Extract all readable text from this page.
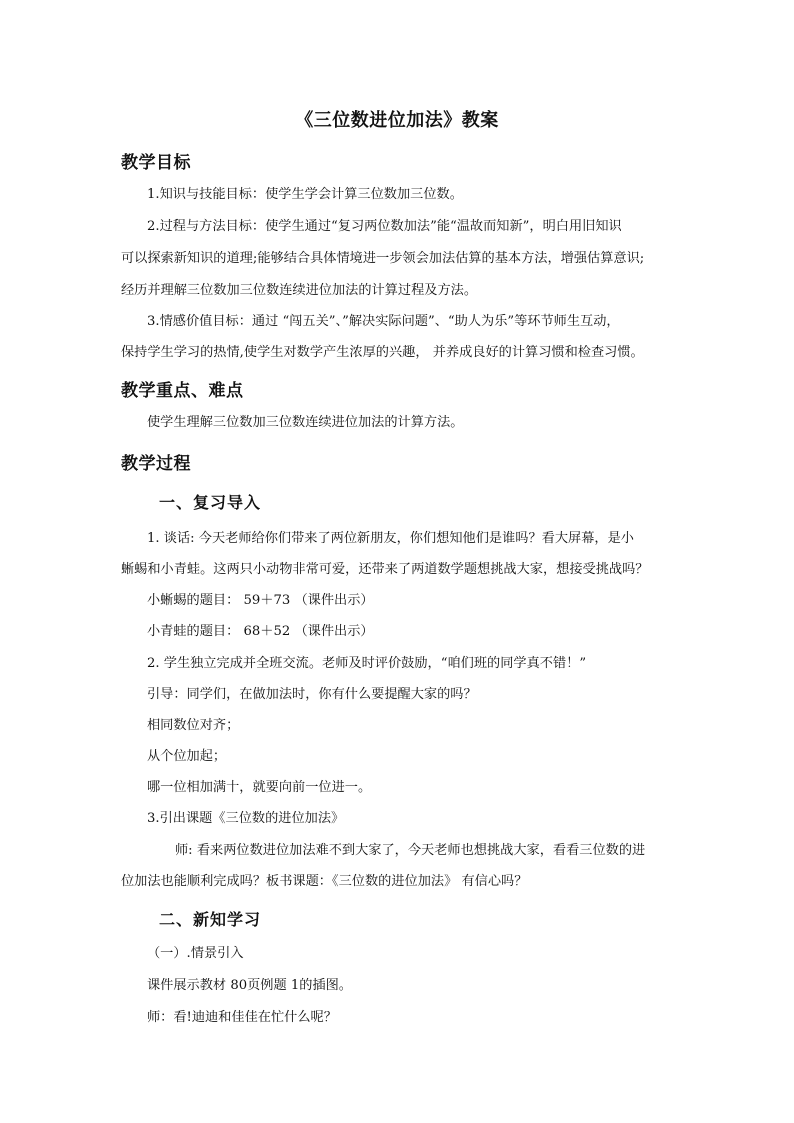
《三位数进位加法》教案
教学目标
1.知识与技能目标：使学生学会计算三位数加三位数。
2.过程与方法目标：使学生通过“复习两位数加法”能“温故而知新”，明白用旧知识
可以探索新知识的道理;能够结合具体情境进一步领会加法估算的基本方法，增强估算意识;
经历并理解三位数加三位数连续进位加法的计算过程及方法。
3.情感价值目标：通过 “闯五关”、”解决实际问题”、“助人为乐”等环节师生互动，
保持学生学习的热情,使学生对数学产生浓厚的兴趣， 并养成良好的计算习惯和检查习惯。
教学重点、难点
使学生理解三位数加三位数连续进位加法的计算方法。
教学过程
一、复习导入
1. 谈话: 今天老师给你们带来了两位新朋友，你们想知他们是谁吗？看大屏幕，是小
蜥蜴和小青蛙。这两只小动物非常可爱，还带来了两道数学题想挑战大家，想接受挑战吗？
小蜥蜴的题目： 59＋73 （课件出示）
小青蛙的题目： 68＋52 （课件出示）
2. 学生独立完成并全班交流。老师及时评价鼓励，“咱们班的同学真不错！”
引导：同学们，在做加法时，你有什么要提醒大家的吗？
相同数位对齐；
从个位加起；
哪一位相加满十，就要向前一位进一。
3.引出课题《三位数的进位加法》
师: 看来两位数进位加法难不到大家了，今天老师也想挑战大家，看看三位数的进
位加法也能顺利完成吗？板书课题：《三位数的进位加法》 有信心吗？
二、新知学习
（一）.情景引入
课件展示教材 80页例题 1的插图。
师：看!迪迪和佳佳在忙什么呢？
